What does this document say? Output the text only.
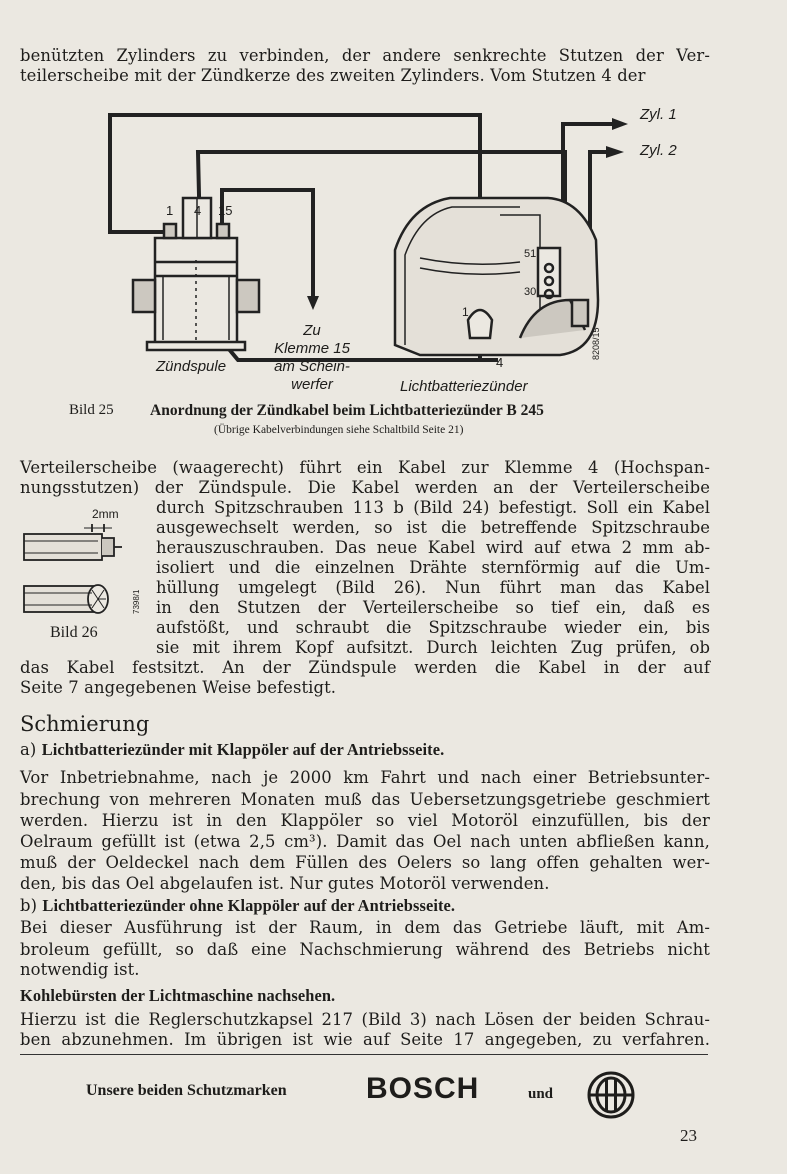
benützten Zylinders zu verbinden, der andere senkrechte Stutzen der Ver-
teilerscheibe mit der Zündkerze des zweiten Zylinders. Vom Stutzen 4 der
Zyl. 1
Zyl. 2
1 4 15
51
30
1
4
Zu
Klemme 15
am Schein-
werfer
Zündspule
Lichtbatteriezünder
8208/15
Bild 25 Anordnung der Zündkabel beim Lichtbatteriezünder B 245
(Übrige Kabelverbindungen siehe Schaltbild Seite 21)
Verteilerscheibe (waagerecht) führt ein Kabel zur Klemme 4 (Hochspan-
nungsstutzen) der Zündspule. Die Kabel werden an der Verteilerscheibe
durch Spitzschrauben 113 b (Bild 24) befestigt. Soll ein Kabel
ausgewechselt werden, so ist die betreffende Spitzschraube
herauszuschrauben. Das neue Kabel wird auf etwa 2 mm ab-
isoliert und die einzelnen Drähte sternförmig auf die Um-
hüllung umgelegt (Bild 26). Nun führt man das Kabel
in den Stutzen der Verteilerscheibe so tief ein, daß es
aufstößt, und schraubt die Spitzschraube wieder ein, bis
sie mit ihrem Kopf aufsitzt. Durch leichten Zug prüfen, ob
das Kabel festsitzt. An der Zündspule werden die Kabel in der auf
Seite 7 angegebenen Weise befestigt.
2mm
7398/1
Bild 26
Schmierung
a) Lichtbatteriezünder mit Klappöler auf der Antriebsseite.
Vor Inbetriebnahme, nach je 2000 km Fahrt und nach einer Betriebsunter-
brechung von mehreren Monaten muß das Uebersetzungsgetriebe geschmiert
werden. Hierzu ist in den Klappöler so viel Motoröl einzufüllen, bis der
Oelraum gefüllt ist (etwa 2,5 cm³). Damit das Oel nach unten abfließen kann,
muß der Oeldeckel nach dem Füllen des Oelers so lang offen gehalten wer-
den, bis das Oel abgelaufen ist. Nur gutes Motoröl verwenden.
b) Lichtbatteriezünder ohne Klappöler auf der Antriebsseite.
Bei dieser Ausführung ist der Raum, in dem das Getriebe läuft, mit Am-
broleum gefüllt, so daß eine Nachschmierung während des Betriebs nicht
notwendig ist.
Kohlebürsten der Lichtmaschine nachsehen.
Hierzu ist die Reglerschutzkapsel 217 (Bild 3) nach Lösen der beiden Schrau-
ben abzunehmen. Im übrigen ist wie auf Seite 17 angegeben, zu verfahren.
Unsere beiden Schutzmarken	BOSCH	und
23
